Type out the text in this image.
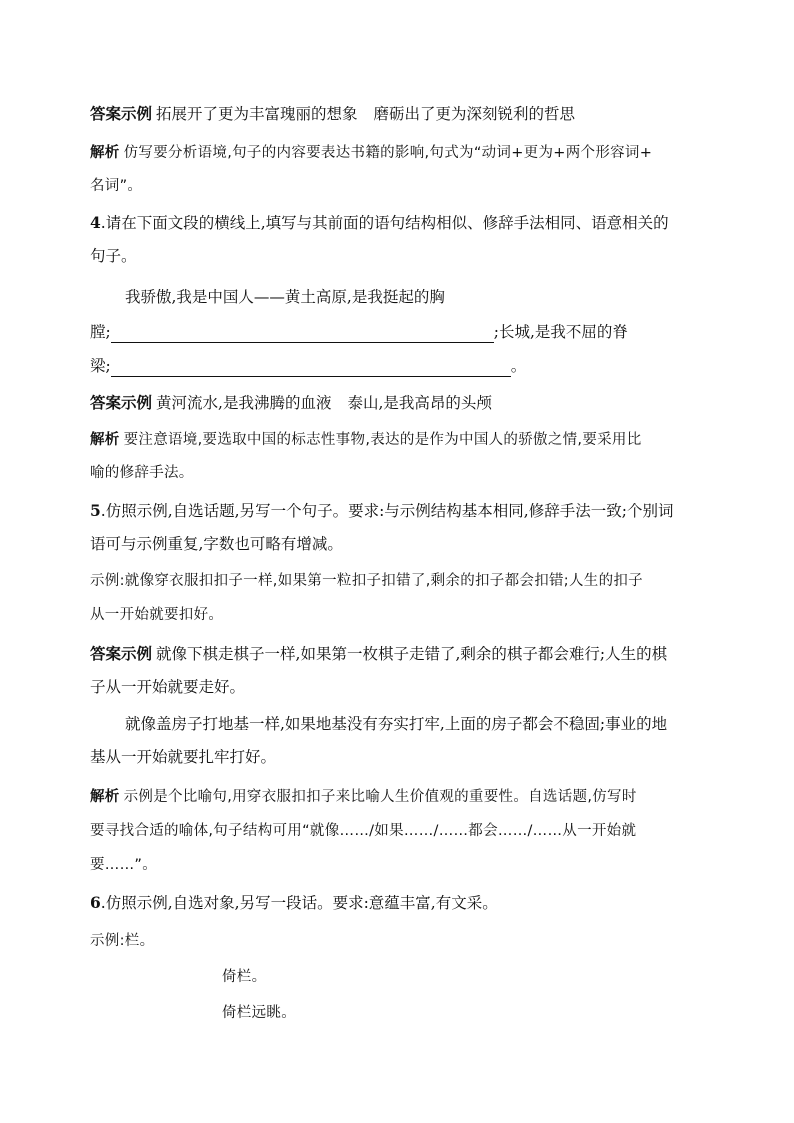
答案示例 拓展开了更为丰富瑰丽的想象 磨砺出了更为深刻锐利的哲思
解析 仿写要分析语境,句子的内容要表达书籍的影响,句式为“动词+更为+两个形容词+
名词”。
4.请在下面文段的横线上,填写与其前面的语句结构相似、修辞手法相同、语意相关的
句子。
我骄傲,我是中国人——黄土高原,是我挺起的胸
膛;	;长城,是我不屈的脊
梁;	。
答案示例 黄河流水,是我沸腾的血液 泰山,是我高昂的头颅
解析 要注意语境,要选取中国的标志性事物,表达的是作为中国人的骄傲之情,要采用比
喻的修辞手法。
5.仿照示例,自选话题,另写一个句子。要求:与示例结构基本相同,修辞手法一致;个别词
语可与示例重复,字数也可略有增减。
示例:就像穿衣服扣扣子一样,如果第一粒扣子扣错了,剩余的扣子都会扣错;人生的扣子
从一开始就要扣好。
答案示例 就像下棋走棋子一样,如果第一枚棋子走错了,剩余的棋子都会难行;人生的棋
子从一开始就要走好。
就像盖房子打地基一样,如果地基没有夯实打牢,上面的房子都会不稳固;事业的地
基从一开始就要扎牢打好。
解析 示例是个比喻句,用穿衣服扣扣子来比喻人生价值观的重要性。自选话题,仿写时
要寻找合适的喻体,句子结构可用“就像……/如果……/……都会……/……从一开始就
要……”。
6.仿照示例,自选对象,另写一段话。要求:意蕴丰富,有文采。
示例:栏。
倚栏。
倚栏远眺。
